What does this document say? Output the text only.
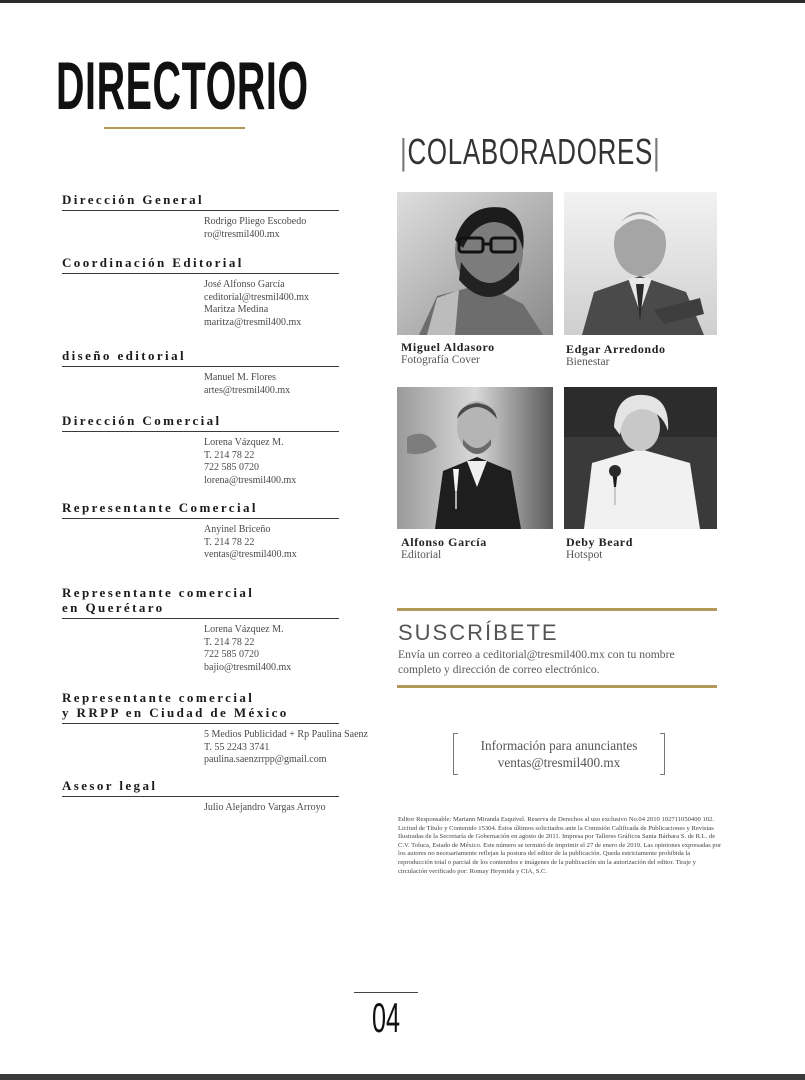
DIRECTORIO
Dirección General
Rodrigo Pliego Escobedo
ro@tresmil400.mx
Coordinación Editorial
José Alfonso García
ceditorial@tresmil400.mx
Maritza Medina
maritza@tresmil400.mx
diseño editorial
Manuel M. Flores
artes@tresmil400.mx
Dirección Comercial
Lorena Vázquez M.
T. 214 78 22
722 585 0720
lorena@tresmil400.mx
Representante Comercial
Anyinel Briceño
T. 214 78 22
ventas@tresmil400.mx
Representante comercial
en Querétaro
Lorena Vázquez M.
T. 214 78 22
722 585 0720
bajio@tresmil400.mx
Representante comercial
y RRPP en Ciudad de México
5 Medios Publicidad + Rp Paulina Saenz
T. 55 2243 3741
paulina.saenzrrpp@gmail.com
Asesor legal
Julio Alejandro Vargas Arroyo
|COLABORADORES|
Miguel Aldasoro
Fotografía Cover
Edgar Arredondo
Bienestar
Alfonso García
Editorial
Deby Beard
Hotspot
SUSCRÍBETE
Envía un correo a ceditorial@tresmil400.mx con tu nombre completo y dirección de correo electrónico.
Información para anunciantes
ventas@tresmil400.mx
Editor Responsable: Mariann Miranda Esquivel. Reserva de Derechos al uso exclusivo No.04 2010 102711050400 102. Licitud de Título y Contenido 15304. Éstos últimos solicitados ante la Comisión Calificada de Publicaciones y Revistas Ilustradas de la Secretaría de Gobernación en agosto de 2011. Impresa por Talleres Gráficos Santa Bárbara S. de R.L. de C.V. Toluca, Estado de México. Este número se terminó de imprimir el 27 de enero de 2019. Las opiniones expresadas por los autores no necesariamente reflejan la postura del editor de la publicación. Queda estrictamente prohibida la reproducción total o parcial de los contenidos e imágenes de la publicación sin la autorización del editor. Tiraje y circulación verificado por: Romay Heymida y CIA, S.C.
04
